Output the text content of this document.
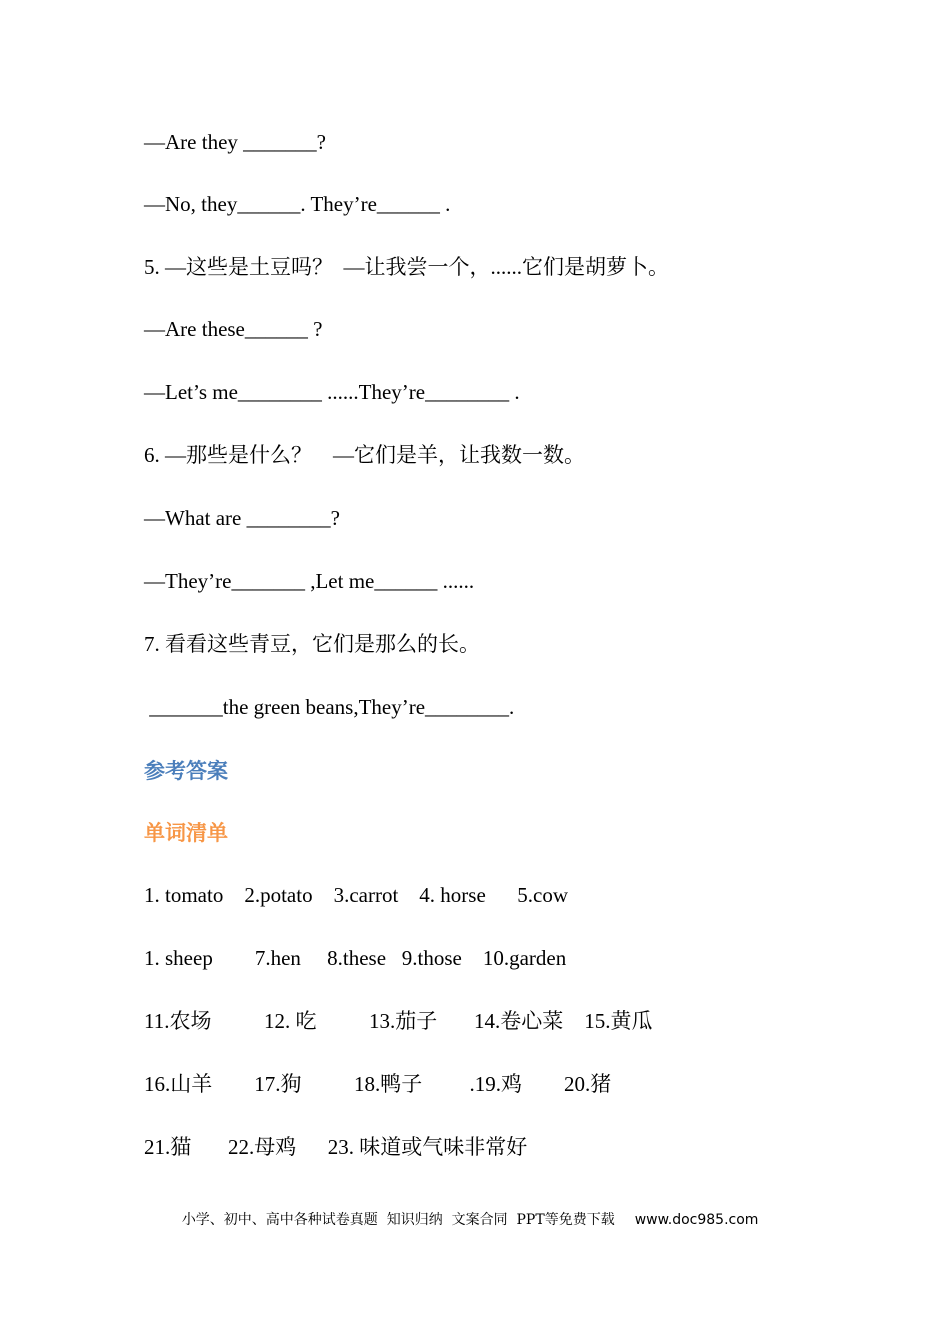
—Are they _______?
—No, they______. They’re______ .
5. —这些是土豆吗？  —让我尝一个，......它们是胡萝卜。
—Are these______ ?
—Let’s me________ ......They’re________ .
6. —那些是什么？    —它们是羊，让我数一数。
—What are ________?
—They’re_______ ,Let me______ ......
7. 看看这些青豆，它们是那么的长。
_______the green beans,They’re________.
参考答案
单词清单
1. tomato    2.potato    3.carrot    4. horse      5.cow
1. sheep        7.hen     8.these   9.those    10.garden
11.农场          12. 吃          13.茄子       14.卷心菜    15.黄瓜
16.山羊        17.狗          18.鸭子         .19.鸡        20.猪
21.猫       22.母鸡      23. 味道或气味非常好

小学、初中、高中各种试卷真题  知识归纳  文案合同  PPT等免费下载 www.doc985.com
